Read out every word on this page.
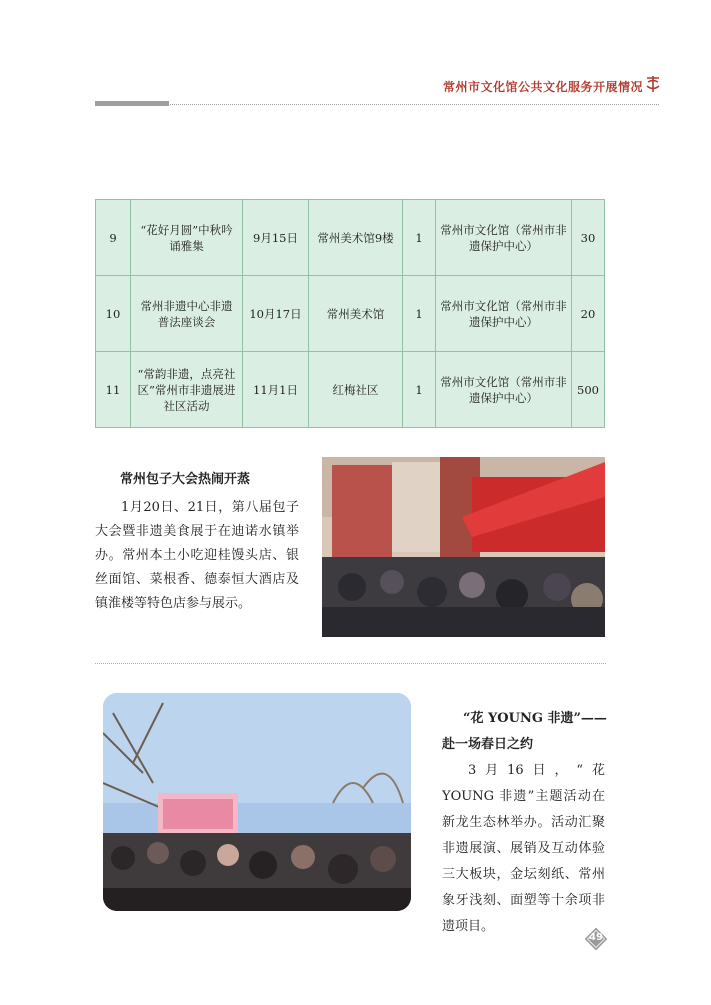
常州市文化馆公共文化服务开展情况
9	“花好月圆”中秋吟诵雅集	9月15日	常州美术馆9楼	1	常州市文化馆（常州市非遗保护中心）	30
10	常州非遗中心非遗普法座谈会	10月17日	常州美术馆	1	常州市文化馆（常州市非遗保护中心）	20
11	“常韵非遗，点亮社区”常州市非遗展进社区活动	11月1日	红梅社区	1	常州市文化馆（常州市非遗保护中心）	500
常州包子大会热闹开蒸
1月20日、21日，第八届包子大会暨非遗美食展于在迪诺水镇举办。常州本土小吃迎桂馒头店、银丝面馆、菜根香、德泰恒大酒店及镇淮楼等特色店参与展示。
“花 YOUNG 非遗”——
赴一场春日之约
3月16日，“花 YOUNG 非遗”主题活动在新龙生态林举办。活动汇聚非遗展演、展销及互动体验三大板块，金坛刻纸、常州象牙浅刻、面塑等十余项非遗项目。
49
